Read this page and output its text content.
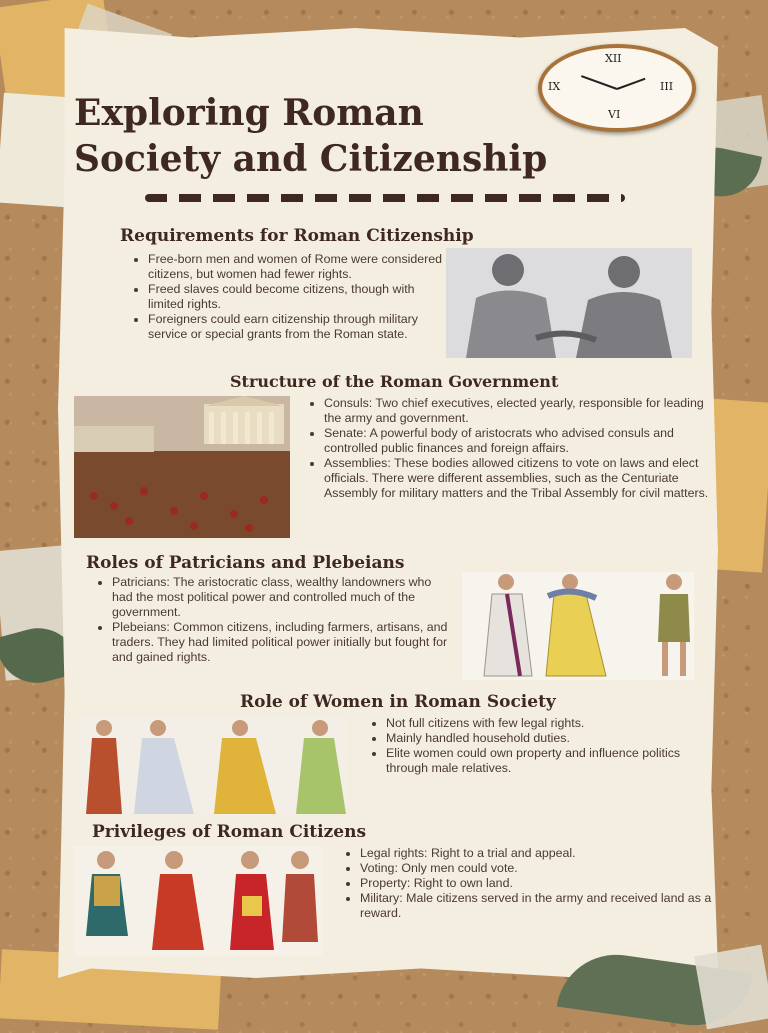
XII
III
VI
IX
Exploring Roman
Society and Citizenship
Requirements for Roman Citizenship
• Free-born men and women of Rome were considered citizens, but women had fewer rights.
• Freed slaves could become citizens, though with limited rights.
• Foreigners could earn citizenship through military service or special grants from the Roman state.
Structure of the Roman Government
• Consuls: Two chief executives, elected yearly, responsible for leading the army and government.
• Senate: A powerful body of aristocrats who advised consuls and controlled public finances and foreign affairs.
• Assemblies: These bodies allowed citizens to vote on laws and elect officials. There were different assemblies, such as the Centuriate Assembly for military matters and the Tribal Assembly for civil matters.
Roles of Patricians and Plebeians
• Patricians: The aristocratic class, wealthy landowners who had the most political power and controlled much of the government.
• Plebeians: Common citizens, including farmers, artisans, and traders. They had limited political power initially but fought for and gained rights.
Role of Women in Roman Society
• Not full citizens with few legal rights.
• Mainly handled household duties.
• Elite women could own property and influence politics through male relatives.
Privileges of Roman Citizens
• Legal rights: Right to a trial and appeal.
• Voting: Only men could vote.
• Property: Right to own land.
• Military: Male citizens served in the army and received land as a reward.
